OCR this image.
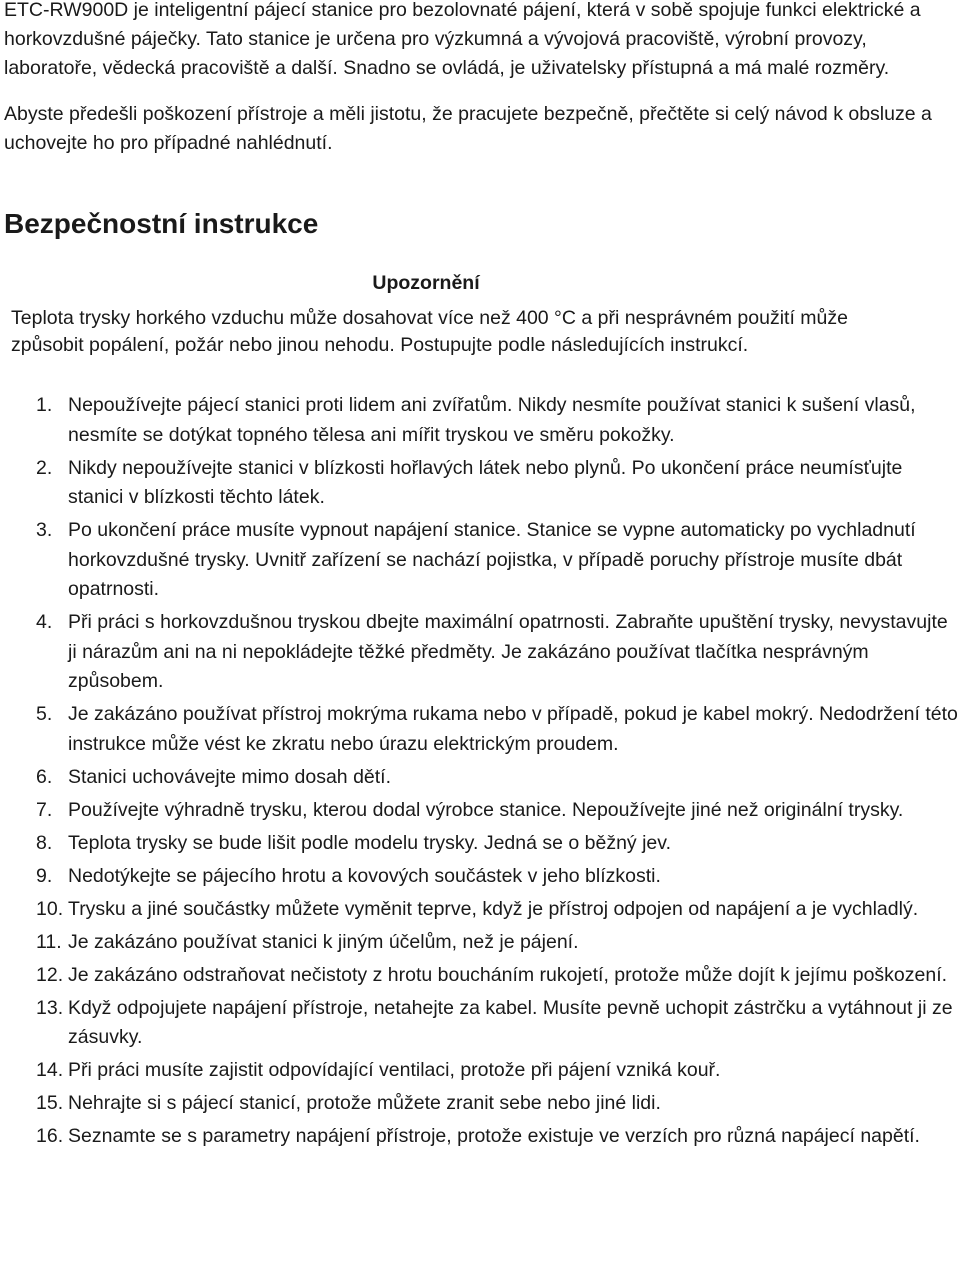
ETC-RW900D je inteligentní pájecí stanice pro bezolovnaté pájení, která v sobě spojuje funkci elektrické a horkovzdušné páječky. Tato stanice je určena pro výzkumná a vývojová pracoviště, výrobní provozy, laboratoře, vědecká pracoviště a další. Snadno se ovládá, je uživatelsky přístupná a má malé rozměry.

Abyste předešli poškození přístroje a měli jistotu, že pracujete bezpečně, přečtěte si celý návod k obsluze a uchovejte ho pro případné nahlédnutí.

Bezpečnostní instrukce
Upozornění

Teplota trysky horkého vzduchu může dosahovat více než 400 °C a při nesprávném použití může způsobit popálení, požár nebo jinou nehodu. Postupujte podle následujících instrukcí.

1. Nepoužívejte pájecí stanici proti lidem ani zvířatům. Nikdy nesmíte používat stanici k sušení vlasů, nesmíte se dotýkat topného tělesa ani mířit tryskou ve směru pokožky.
2. Nikdy nepoužívejte stanici v blízkosti hořlavých látek nebo plynů. Po ukončení práce neumísťujte stanici v blízkosti těchto látek.
3. Po ukončení práce musíte vypnout napájení stanice. Stanice se vypne automaticky po vychladnutí horkovzdušné trysky. Uvnitř zařízení se nachází pojistka, v případě poruchy přístroje musíte dbát opatrnosti.
4. Při práci s horkovzdušnou tryskou dbejte maximální opatrnosti. Zabraňte upuštění trysky, nevystavujte ji nárazům ani na ni nepokládejte těžké předměty. Je zakázáno používat tlačítka nesprávným způsobem.
5. Je zakázáno používat přístroj mokrýma rukama nebo v případě, pokud je kabel mokrý. Nedodržení této instrukce může vést ke zkratu nebo úrazu elektrickým proudem.
6. Stanici uchovávejte mimo dosah dětí.
7. Používejte výhradně trysku, kterou dodal výrobce stanice. Nepoužívejte jiné než originální trysky.
8. Teplota trysky se bude lišit podle modelu trysky. Jedná se o běžný jev.
9. Nedotýkejte se pájecího hrotu a kovových součástek v jeho blízkosti.
10. Trysku a jiné součástky můžete vyměnit teprve, když je přístroj odpojen od napájení a je vychladlý.
11. Je zakázáno používat stanici k jiným účelům, než je pájení.
12. Je zakázáno odstraňovat nečistoty z hrotu boucháním rukojetí, protože může dojít k jejímu poškození.
13. Když odpojujete napájení přístroje, netahejte za kabel. Musíte pevně uchopit zástrčku a vytáhnout ji ze zásuvky.
14. Při práci musíte zajistit odpovídající ventilaci, protože při pájení vzniká kouř.
15. Nehrajte si s pájecí stanicí, protože můžete zranit sebe nebo jiné lidi.
16. Seznamte se s parametry napájení přístroje, protože existuje ve verzích pro různá napájecí napětí.
